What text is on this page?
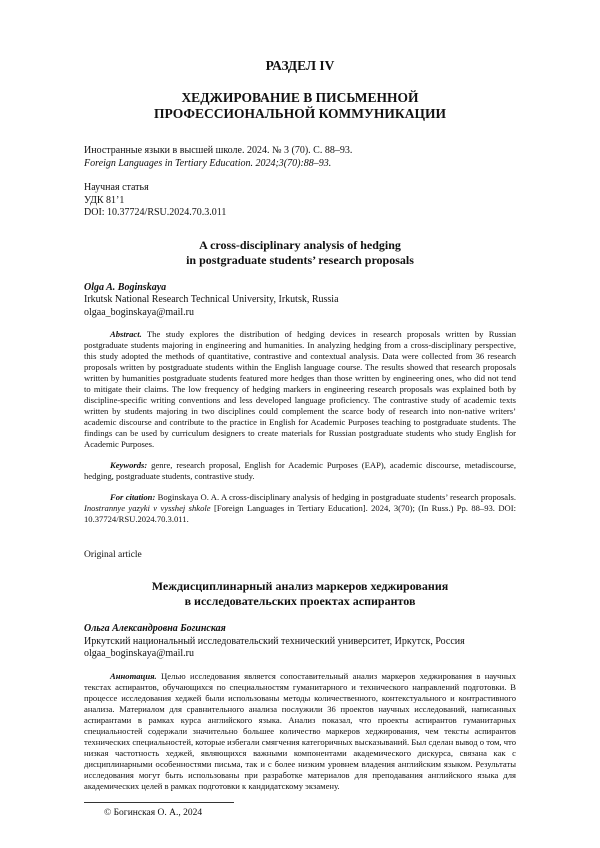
РАЗДЕЛ IV

ХЕДЖИРОВАНИЕ В ПИСЬМЕННОЙ
ПРОФЕССИОНАЛЬНОЙ КОММУНИКАЦИИ

Иностранные языки в высшей школе. 2024. № 3 (70). С. 88–93.

Foreign Languages in Tertiary Education. 2024;3(70):88–93.

Научная статья

УДК 81’1

DOI: 10.37724/RSU.2024.70.3.011

A cross-disciplinary analysis of hedging
in postgraduate students’ research proposals

Olga A. Boginskaya

Irkutsk National Research Technical University, Irkutsk, Russia

olgaa_boginskaya@mail.ru

Abstract. The study explores the distribution of hedging devices in research proposals written by Russian postgraduate students majoring in engineering and humanities. In analyzing hedging from a cross-disciplinary perspective, this study adopted the methods of quantitative, contrastive and contextual analysis. Data were collected from 36 research proposals written by postgraduate students within the English language course. The results showed that research proposals written by humanities postgraduate students featured more hedges than those written by engineering ones, who did not tend to mitigate their claims. The low frequency of hedging markers in engineering research proposals was explained both by discipline-specific writing conventions and less developed language proficiency. The contrastive study of academic texts written by students majoring in two disciplines could complement the scarce body of research into non-native writers’ academic discourse and contribute to the practice in English for Academic Purposes teaching to postgraduate students. The findings can be used by curriculum designers to create materials for Russian postgraduate students who study English for Academic Purposes.

Keywords: genre, research proposal, English for Academic Purposes (EAP), academic discourse, metadiscourse, hedging, postgraduate students, contrastive study.

For citation: Boginskaya O. A. A cross-disciplinary analysis of hedging in postgraduate students’ research proposals. Inostrannye yazyki v vysshej shkole [Foreign Languages in Tertiary Education]. 2024, 3(70); (In Russ.) Pp. 88–93. DOI: 10.37724/RSU.2024.70.3.011.

Original article

Междисциплинарный анализ маркеров хеджирования
в исследовательских проектах аспирантов

Ольга Александровна Богинская

Иркутский национальный исследовательский технический университет, Иркутск, Россия

olgaa_boginskaya@mail.ru

Аннотация. Целью исследования является сопоставительный анализ маркеров хеджирования в научных текстах аспирантов, обучающихся по специальностям гуманитарного и технического направлений подготовки. В процессе исследования хеджей были использованы методы количественного, контекстуального и контрастивного анализа. Материалом для сравнительного анализа послужили 36 проектов научных исследований, написанных аспирантами в рамках курса английского языка. Анализ показал, что проекты аспирантов гуманитарных специальностей содержали значительно большее количество маркеров хеджирования, чем тексты аспирантов технических специальностей, которые избегали смягчения категоричных высказываний. Был сделан вывод о том, что низкая частотность хеджей, являющихся важными компонентами академического дискурса, связана как с дисциплинарными особенностями письма, так и с более низким уровнем владения английским языком. Результаты исследования могут быть использованы при разработке материалов для преподавания английского языка для академических целей в рамках подготовки к кандидатскому экзамену.

© Богинская О. А., 2024
